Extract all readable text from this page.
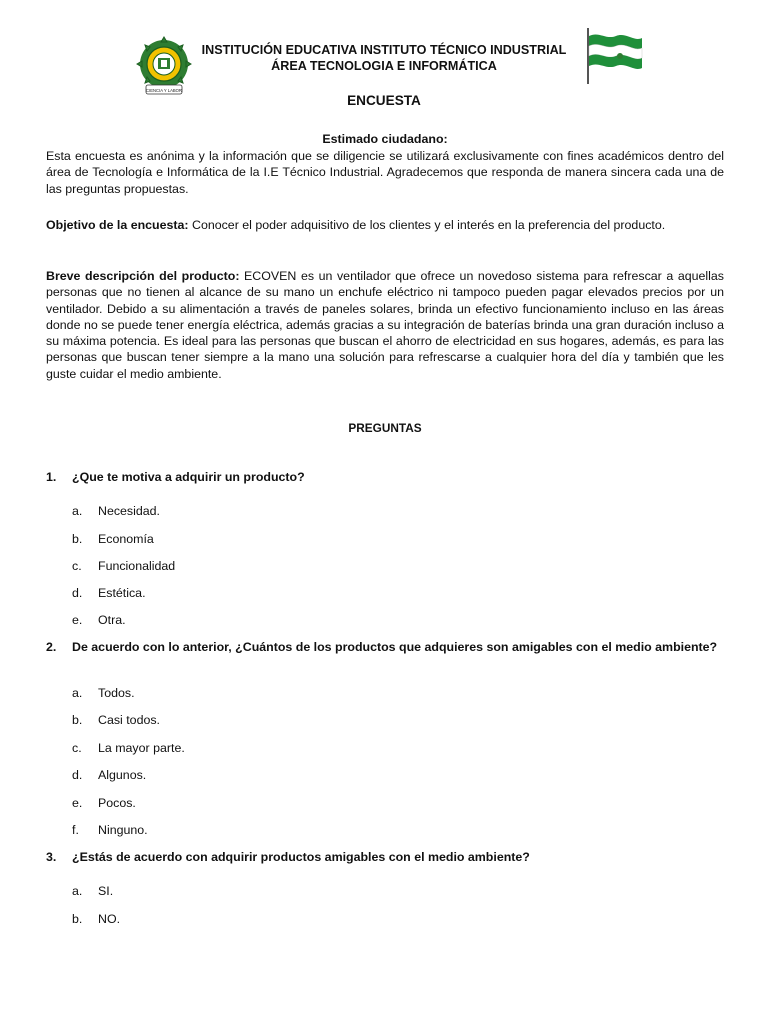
CIENCIA Y LABOR
INSTITUCIÓN EDUCATIVA INSTITUTO TÉCNICO INDUSTRIAL
ÁREA TECNOLOGIA E INFORMÁTICA
ENCUESTA
Estimado ciudadano:
Esta encuesta es anónima y la información que se diligencie se utilizará exclusivamente con fines académicos dentro del área de Tecnología e Informática de la I.E Técnico Industrial. Agradecemos que responda de manera sincera cada una de las preguntas propuestas.
Objetivo de la encuesta: Conocer el poder adquisitivo de los clientes y el interés en la preferencia del producto.
Breve descripción del producto: ECOVEN es un ventilador que ofrece un novedoso sistema para refrescar a aquellas personas que no tienen al alcance de su mano un enchufe eléctrico ni tampoco pueden pagar elevados precios por un ventilador. Debido a su alimentación a través de paneles solares, brinda un efectivo funcionamiento incluso en las áreas donde no se puede tener energía eléctrica, además gracias a su integración de baterías brinda una gran duración incluso a su máxima potencia. Es ideal para las personas que buscan el ahorro de electricidad en sus hogares, además, es para las personas que buscan tener siempre a la mano una solución para refrescarse a cualquier hora del día y también que les guste cuidar el medio ambiente.
PREGUNTAS
1. ¿Que te motiva a adquirir un producto?
a. Necesidad.
b. Economía
c. Funcionalidad
d. Estética.
e. Otra.
2. De acuerdo con lo anterior, ¿Cuántos de los productos que adquieres son amigables con el medio ambiente?
a. Todos.
b. Casi todos.
c. La mayor parte.
d. Algunos.
e. Pocos.
f. Ninguno.
3. ¿Estás de acuerdo con adquirir productos amigables con el medio ambiente?
a. SI.
b. NO.
